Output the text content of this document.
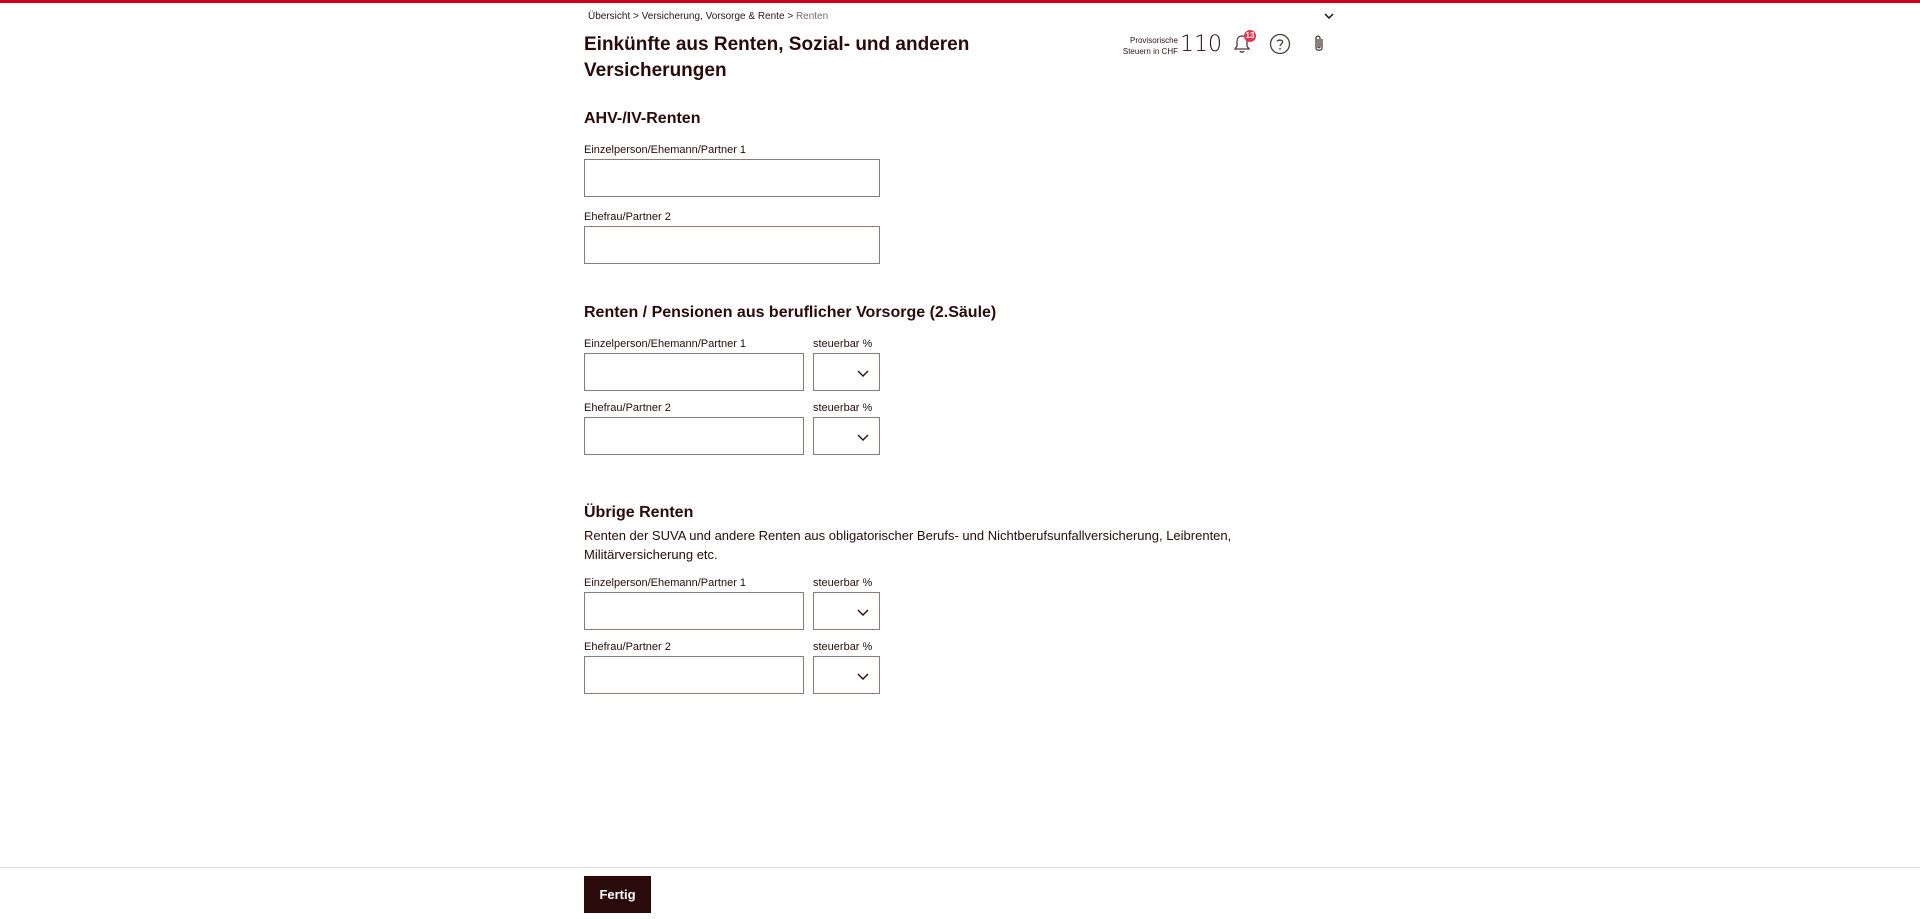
Übersicht > Versicherung, Vorsorge & Rente > Renten
Einkünfte aus Renten, Sozial- und anderen Versicherungen
Provisorische
Steuern in CHF 110	13
AHV-/IV-Renten
Einzelperson/Ehemann/Partner 1
Ehefrau/Partner 2
Renten / Pensionen aus beruflicher Vorsorge (2.Säule)
Einzelperson/Ehemann/Partner 1	steuerbar %
Ehefrau/Partner 2	steuerbar %
Übrige Renten

Renten der SUVA und andere Renten aus obligatorischer Berufs- und Nichtberufsunfallversicherung, Leibrenten, Militärversicherung etc.

Einzelperson/Ehemann/Partner 1	steuerbar %
Ehefrau/Partner 2	steuerbar %
Fertig
